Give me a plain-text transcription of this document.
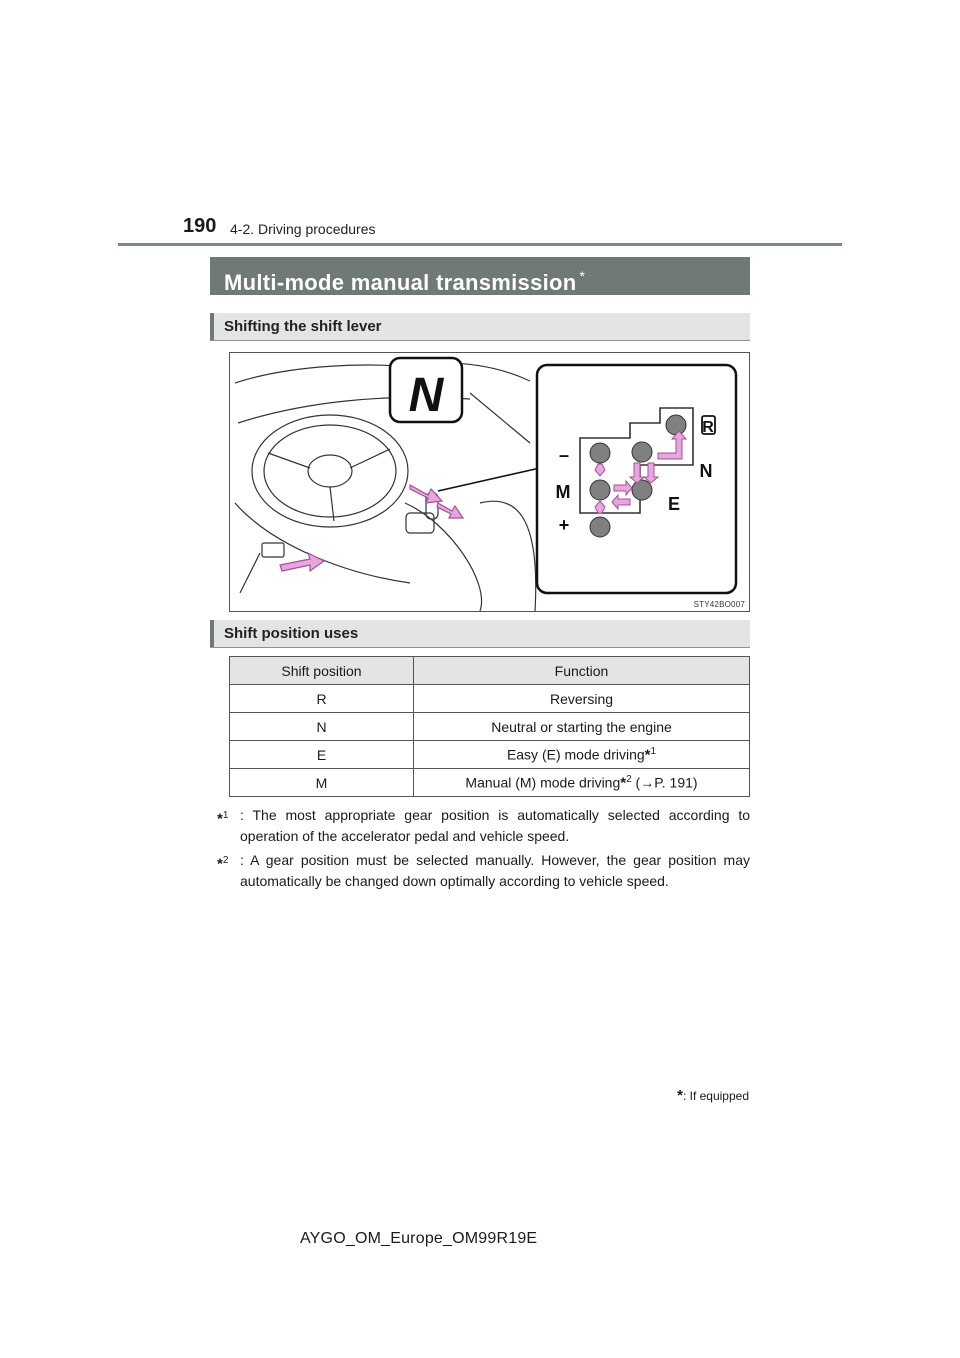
190 4-2. Driving procedures
Multi-mode manual transmission *
Shifting the shift lever
N
R
N
E
M
–
+
STY42BO007
Shift position uses
Shift position	Function
R	Reversing
N	Neutral or starting the engine
E	Easy (E) mode driving*$^1$
M	Manual (M) mode driving*$^2$ (→P. 191)
*$^1$ : The most appropriate gear position is automatically selected according to operation of the accelerator pedal and vehicle speed.
*$^2$ : A gear position must be selected manually. However, the gear position may automatically be changed down optimally according to vehicle speed.
*: If equipped
AYGO_OM_Europe_OM99R19E
